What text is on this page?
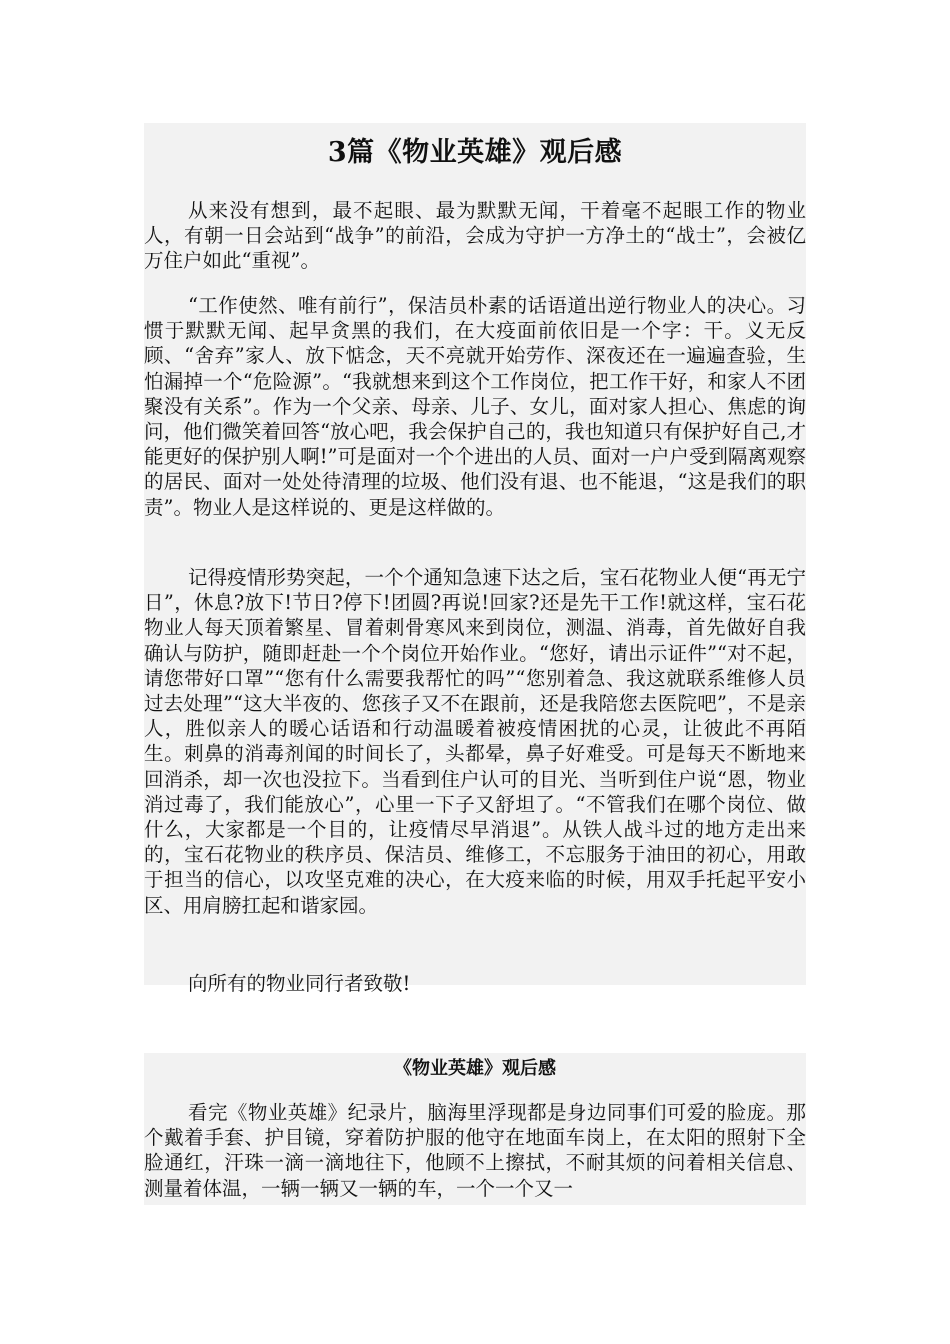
3篇《物业英雄》观后感

从来没有想到，最不起眼、最为默默无闻，干着毫不起眼工作的物业人，有朝一日会站到“战争”的前沿，会成为守护一方净土的“战士”，会被亿万住户如此“重视”。

“工作使然、唯有前行”，保洁员朴素的话语道出逆行物业人的决心。习惯于默默无闻、起早贪黑的我们，在大疫面前依旧是一个字：干。义无反顾、“舍弃”家人、放下惦念，天不亮就开始劳作、深夜还在一遍遍查验，生怕漏掉一个“危险源”。“我就想来到这个工作岗位，把工作干好，和家人不团聚没有关系”。作为一个父亲、母亲、儿子、女儿，面对家人担心、焦虑的询问，他们微笑着回答“放心吧，我会保护自己的，我也知道只有保护好自己,才能更好的保护别人啊!”可是面对一个个进出的人员、面对一户户受到隔离观察的居民、面对一处处待清理的垃圾、他们没有退、也不能退，“这是我们的职责”。物业人是这样说的、更是这样做的。

记得疫情形势突起，一个个通知急速下达之后，宝石花物业人便“再无宁日”，休息?放下!节日?停下!团圆?再说!回家?还是先干工作!就这样，宝石花物业人每天顶着繁星、冒着刺骨寒风来到岗位，测温、消毒，首先做好自我确认与防护，随即赶赴一个个岗位开始作业。“您好，请出示证件”“对不起，请您带好口罩”“您有什么需要我帮忙的吗”“您别着急、我这就联系维修人员过去处理”“这大半夜的、您孩子又不在跟前，还是我陪您去医院吧”，不是亲人，胜似亲人的暖心话语和行动温暖着被疫情困扰的心灵，让彼此不再陌生。刺鼻的消毒剂闻的时间长了，头都晕，鼻子好难受。可是每天不断地来回消杀，却一次也没拉下。当看到住户认可的目光、当听到住户说“恩，物业消过毒了，我们能放心”，心里一下子又舒坦了。“不管我们在哪个岗位、做什么，大家都是一个目的，让疫情尽早消退”。从铁人战斗过的地方走出来的，宝石花物业的秩序员、保洁员、维修工，不忘服务于油田的初心，用敢于担当的信心，以攻坚克难的决心，在大疫来临的时候，用双手托起平安小区、用肩膀扛起和谐家园。

向所有的物业同行者致敬!

《物业英雄》观后感

看完《物业英雄》纪录片，脑海里浮现都是身边同事们可爱的脸庞。那个戴着手套、护目镜，穿着防护服的他守在地面车岗上，在太阳的照射下全脸通红，汗珠一滴一滴地往下，他顾不上擦拭，不耐其烦的问着相关信息、测量着体温，一辆一辆又一辆的车，一个一个又一
